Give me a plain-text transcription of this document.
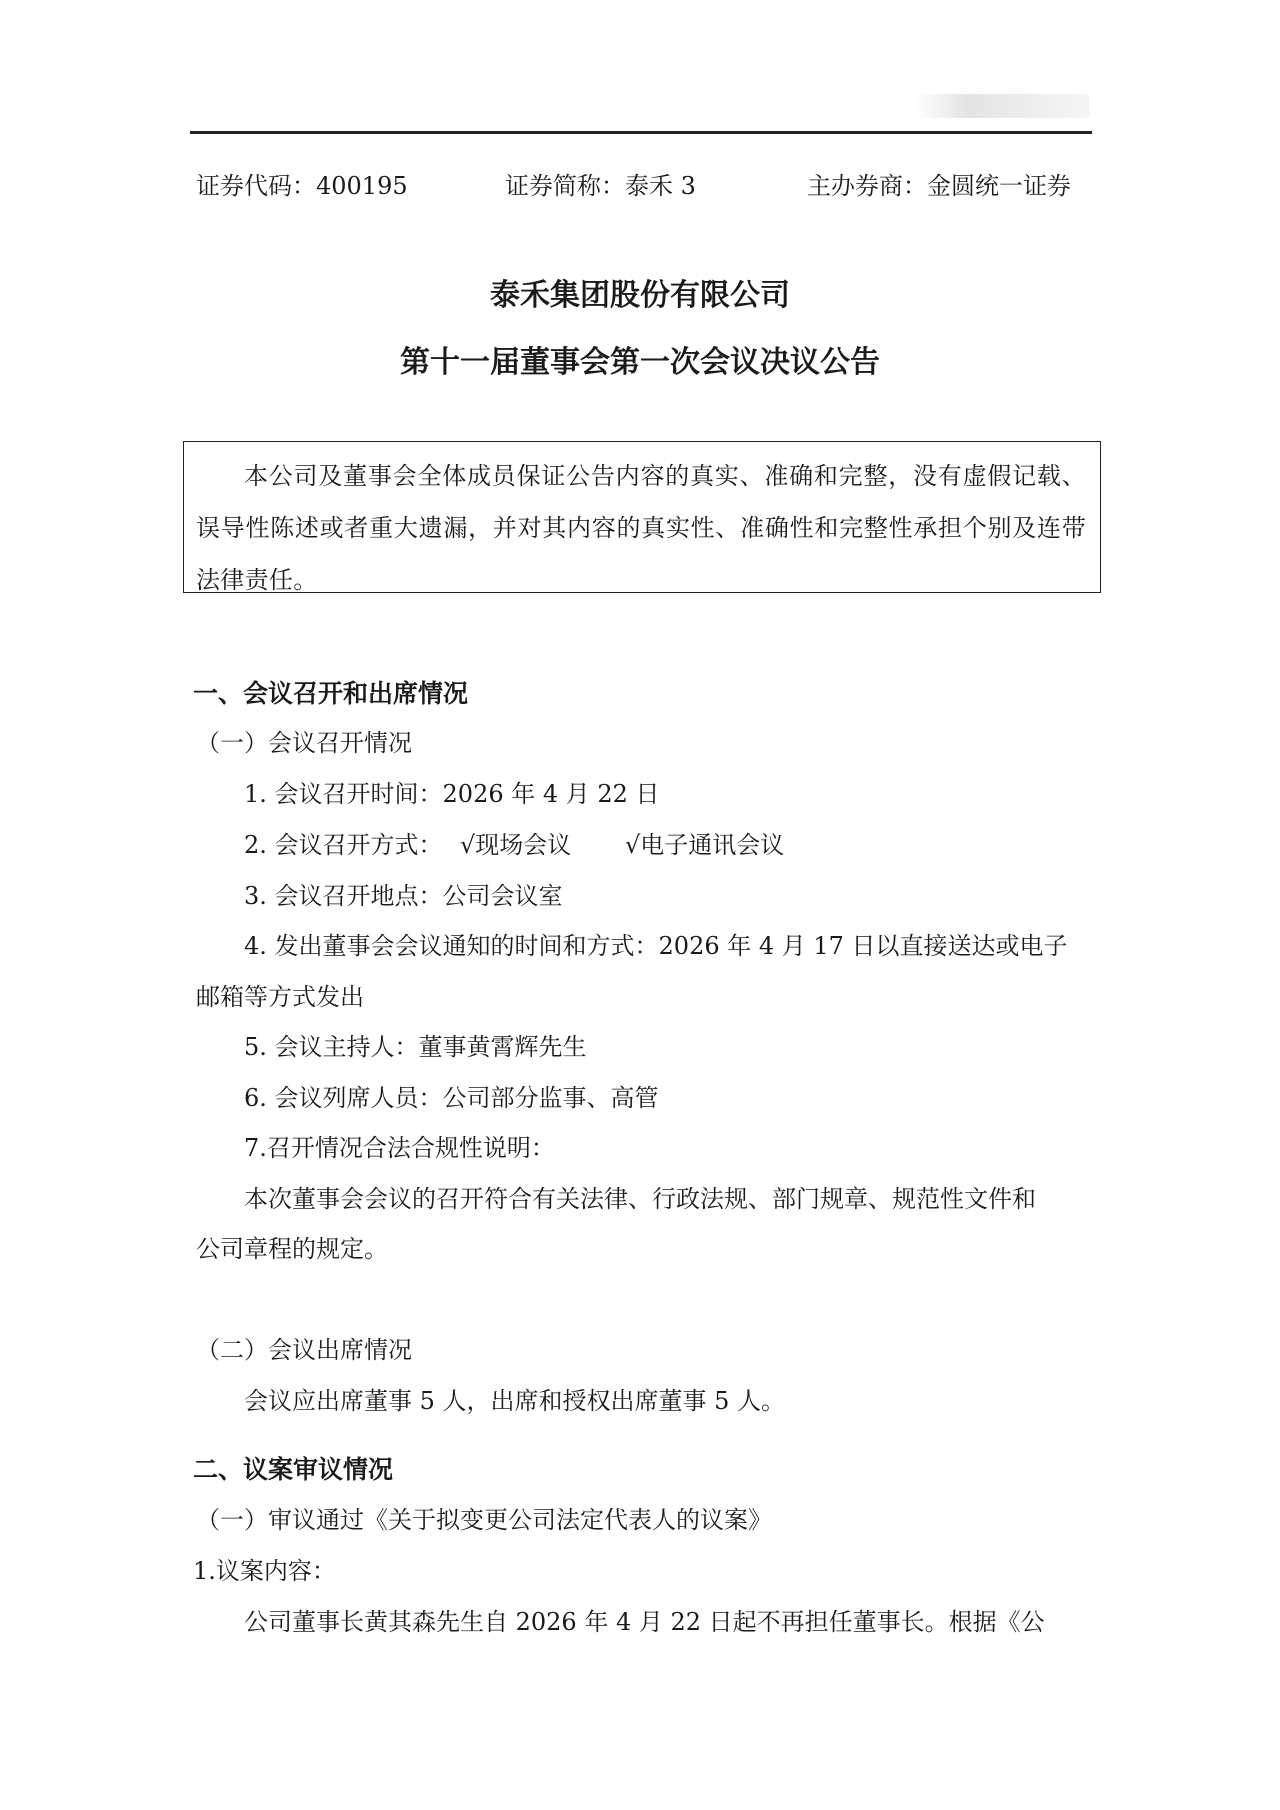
证券代码：400195	证券简称：泰禾 3	主办券商：金圆统一证券
泰禾集团股份有限公司
第十一届董事会第一次会议决议公告
本公司及董事会全体成员保证公告内容的真实、准确和完整，没有虚假记载、误导性陈述或者重大遗漏，并对其内容的真实性、准确性和完整性承担个别及连带法律责任。
一、会议召开和出席情况
（一）会议召开情况
1. 会议召开时间：2026 年 4 月 22 日
2. 会议召开方式： √现场会议 √电子通讯会议
3. 会议召开地点：公司会议室
4. 发出董事会会议通知的时间和方式：2026 年 4 月 17 日以直接送达或电子
邮箱等方式发出
5. 会议主持人：董事黄霄辉先生
6. 会议列席人员：公司部分监事、高管
7.召开情况合法合规性说明：
本次董事会会议的召开符合有关法律、行政法规、部门规章、规范性文件和
公司章程的规定。
（二）会议出席情况
会议应出席董事 5 人，出席和授权出席董事 5 人。
二、议案审议情况
（一）审议通过《关于拟变更公司法定代表人的议案》
1.议案内容：
公司董事长黄其森先生自 2026 年 4 月 22 日起不再担任董事长。根据《公
